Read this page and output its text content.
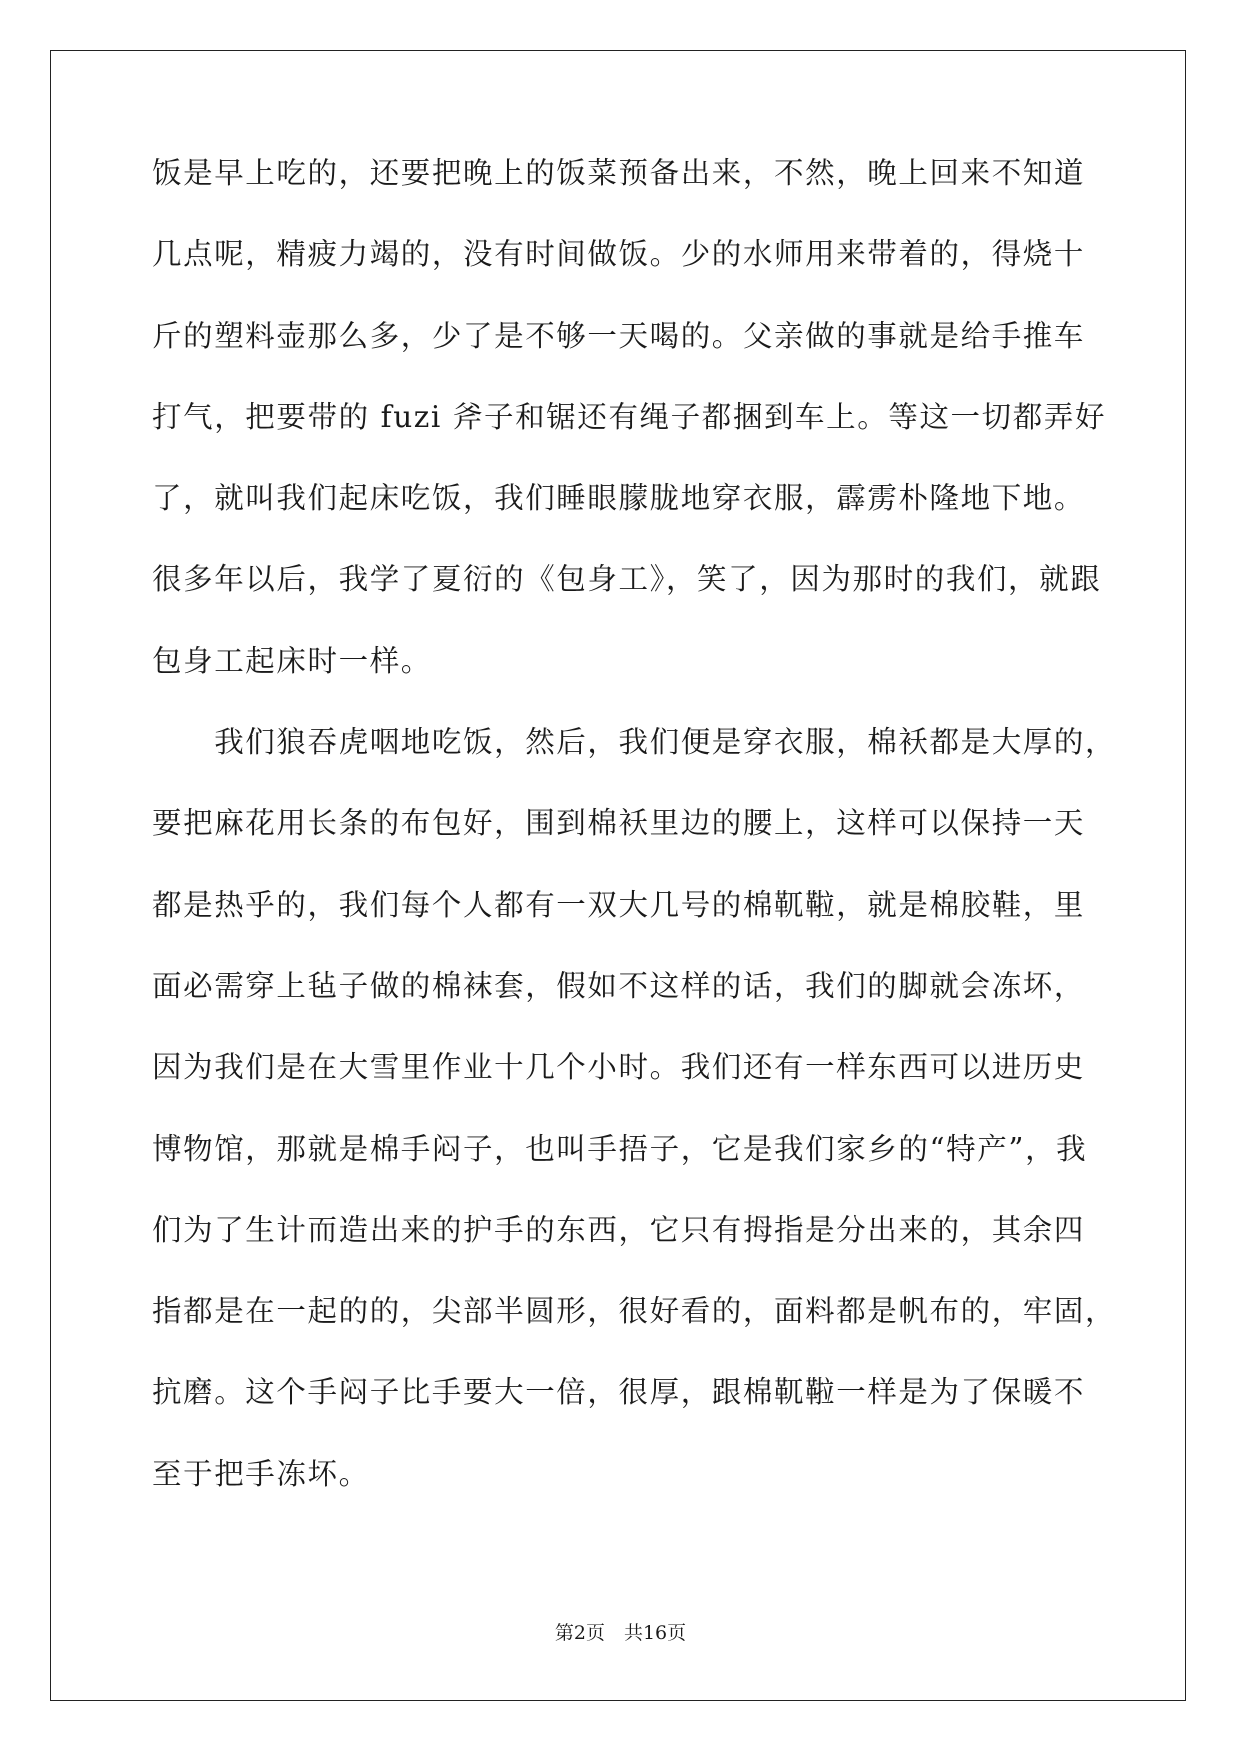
饭是早上吃的，还要把晚上的饭菜预备出来，不然，晚上回来不知道
几点呢，精疲力竭的，没有时间做饭。少的水师用来带着的，得烧十
斤的塑料壶那么多，少了是不够一天喝的。父亲做的事就是给手推车
打气，把要带的 fuzi 斧子和锯还有绳子都捆到车上。等这一切都弄好
了，就叫我们起床吃饭，我们睡眼朦胧地穿衣服，霹雳朴隆地下地。
很多年以后，我学了夏衍的《包身工》，笑了，因为那时的我们，就跟
包身工起床时一样。
　　我们狼吞虎咽地吃饭，然后，我们便是穿衣服，棉袄都是大厚的，
要把麻花用长条的布包好，围到棉袄里边的腰上，这样可以保持一天
都是热乎的，我们每个人都有一双大几号的棉靰鞡，就是棉胶鞋，里
面必需穿上毡子做的棉袜套，假如不这样的话，我们的脚就会冻坏，
因为我们是在大雪里作业十几个小时。我们还有一样东西可以进历史
博物馆，那就是棉手闷子，也叫手捂子，它是我们家乡的“特产”，我
们为了生计而造出来的护手的东西，它只有拇指是分出来的，其余四
指都是在一起的的，尖部半圆形，很好看的，面料都是帆布的，牢固，
抗磨。这个手闷子比手要大一倍，很厚，跟棉靰鞡一样是为了保暖不
至于把手冻坏。
第2页　共16页
